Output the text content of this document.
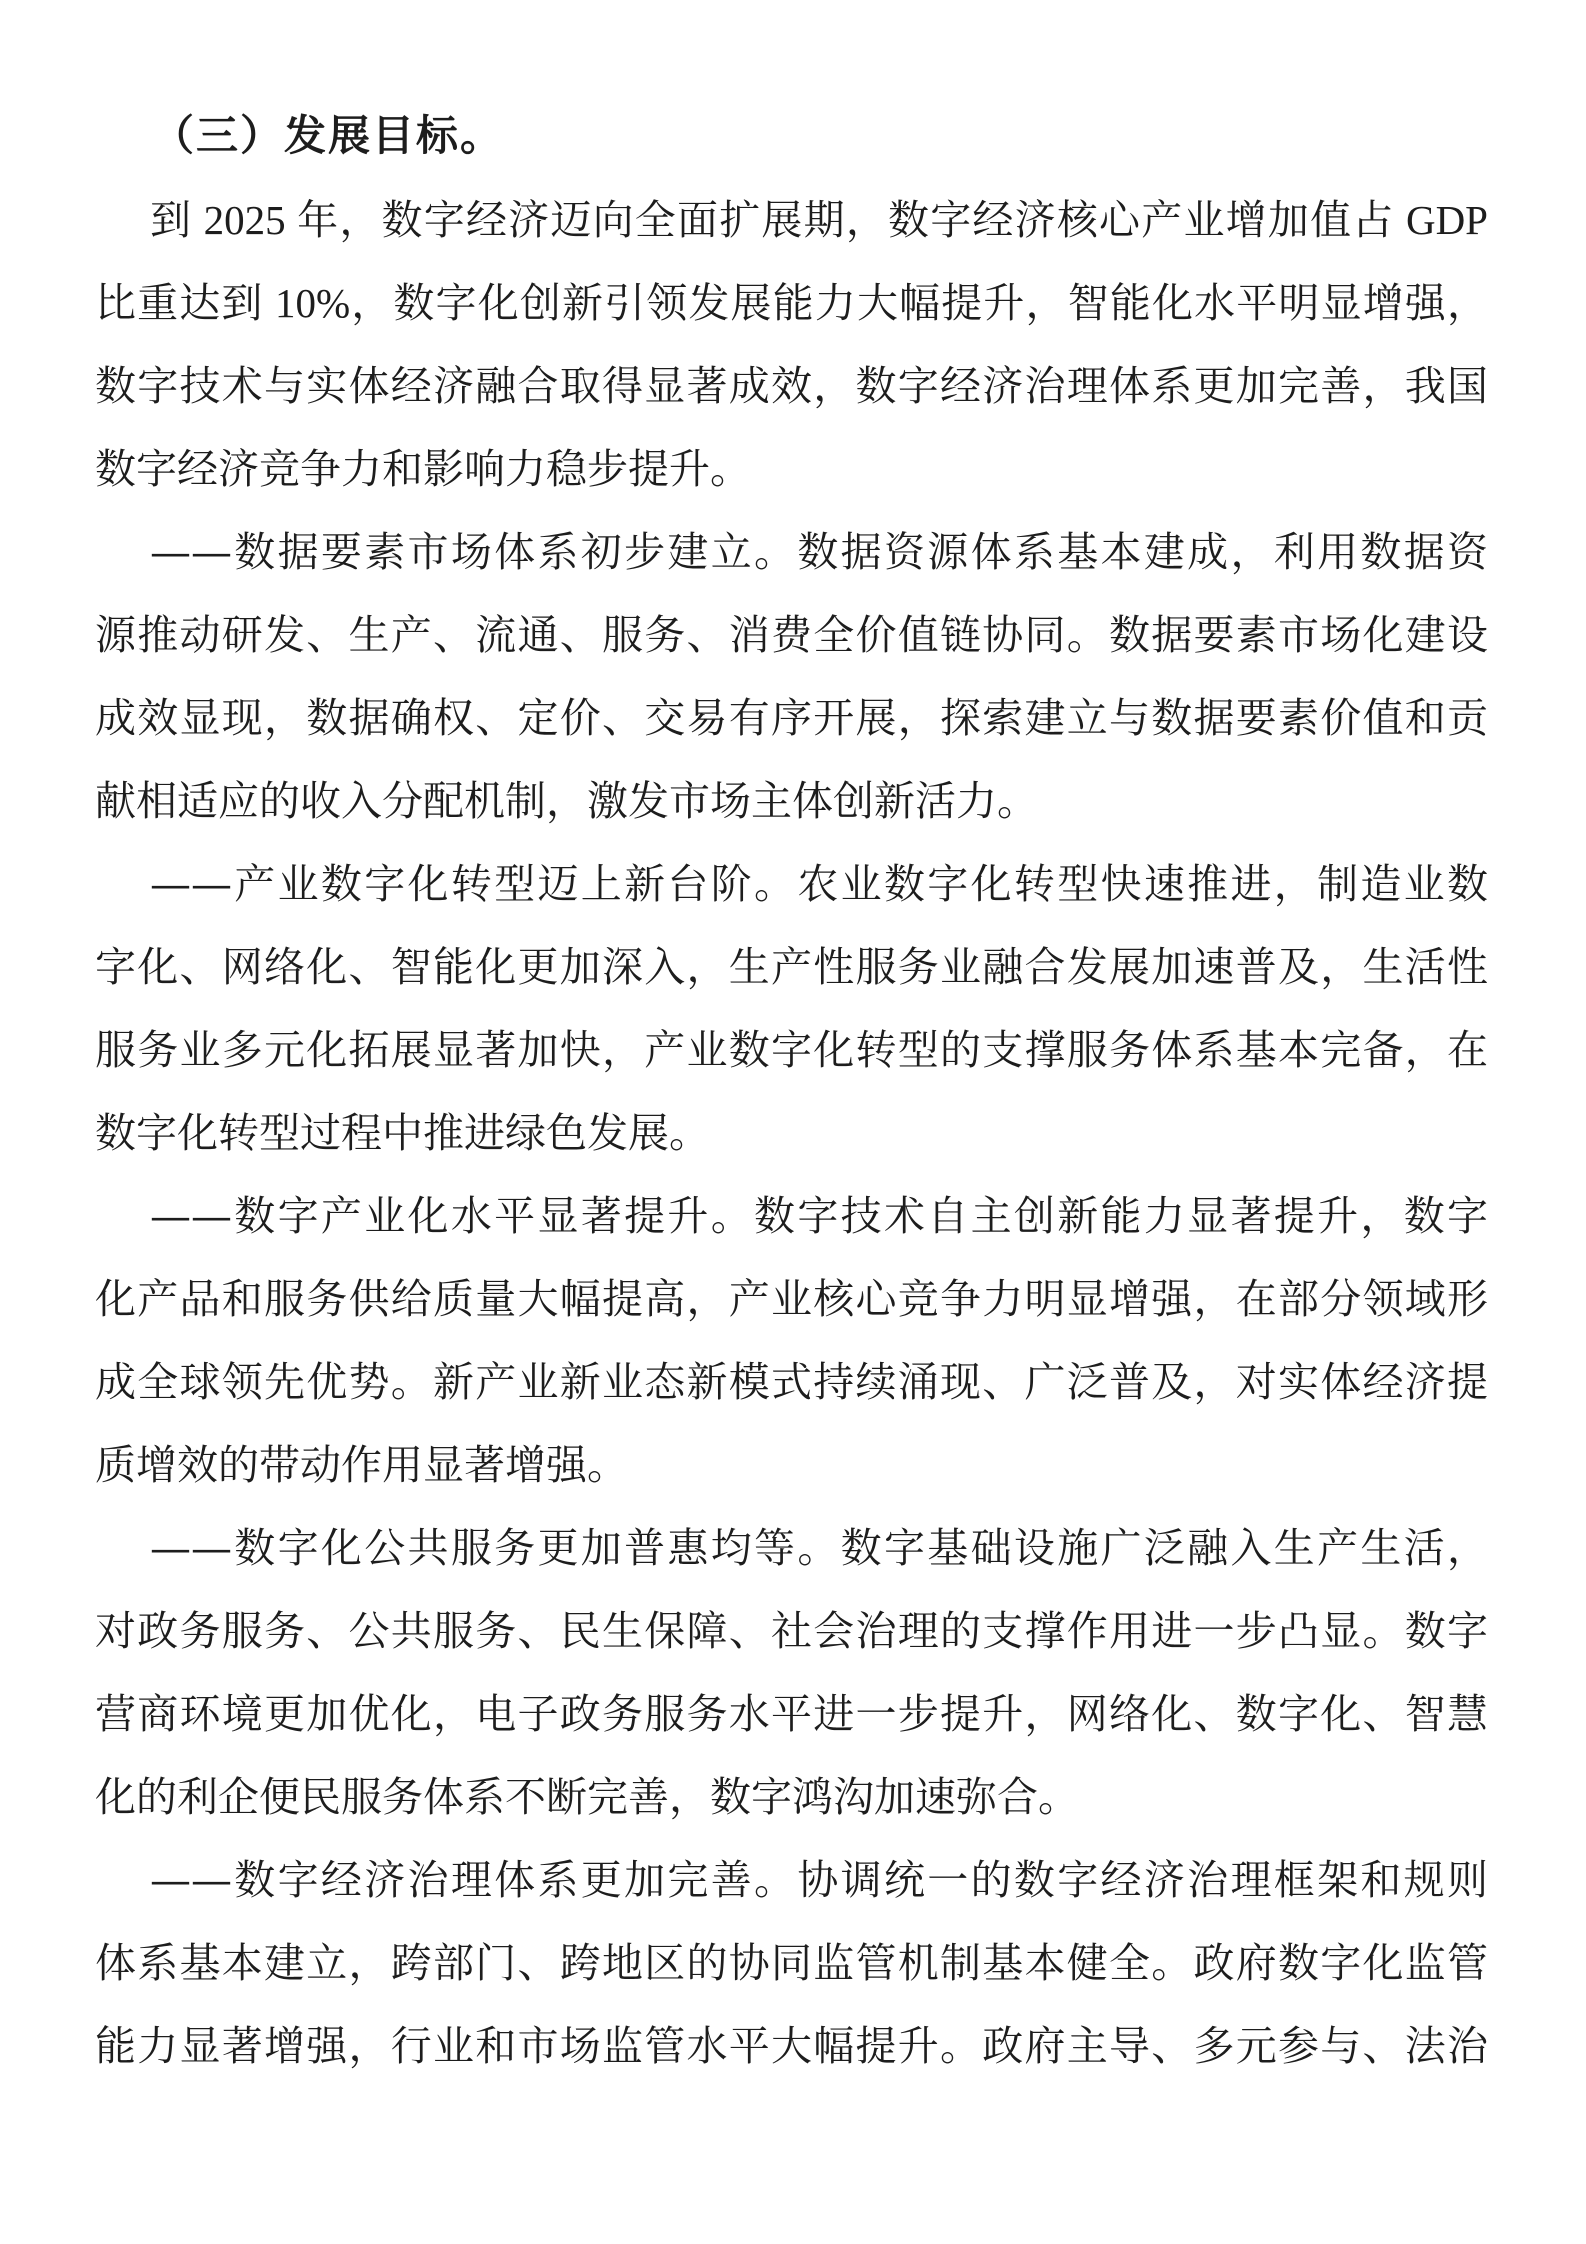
（三）发展目标。
到 2025 年，数字经济迈向全面扩展期，数字经济核心产业增加值占 GDP
比重达到 10%，数字化创新引领发展能力大幅提升，智能化水平明显增强，
数字技术与实体经济融合取得显著成效，数字经济治理体系更加完善，我国
数字经济竞争力和影响力稳步提升。
——数据要素市场体系初步建立。数据资源体系基本建成，利用数据资
源推动研发、生产、流通、服务、消费全价值链协同。数据要素市场化建设
成效显现，数据确权、定价、交易有序开展，探索建立与数据要素价值和贡
献相适应的收入分配机制，激发市场主体创新活力。
——产业数字化转型迈上新台阶。农业数字化转型快速推进，制造业数
字化、网络化、智能化更加深入，生产性服务业融合发展加速普及，生活性
服务业多元化拓展显著加快，产业数字化转型的支撑服务体系基本完备，在
数字化转型过程中推进绿色发展。
——数字产业化水平显著提升。数字技术自主创新能力显著提升，数字
化产品和服务供给质量大幅提高，产业核心竞争力明显增强，在部分领域形
成全球领先优势。新产业新业态新模式持续涌现、广泛普及，对实体经济提
质增效的带动作用显著增强。
——数字化公共服务更加普惠均等。数字基础设施广泛融入生产生活，
对政务服务、公共服务、民生保障、社会治理的支撑作用进一步凸显。数字
营商环境更加优化，电子政务服务水平进一步提升，网络化、数字化、智慧
化的利企便民服务体系不断完善，数字鸿沟加速弥合。
——数字经济治理体系更加完善。协调统一的数字经济治理框架和规则
体系基本建立，跨部门、跨地区的协同监管机制基本健全。政府数字化监管
能力显著增强，行业和市场监管水平大幅提升。政府主导、多元参与、法治
